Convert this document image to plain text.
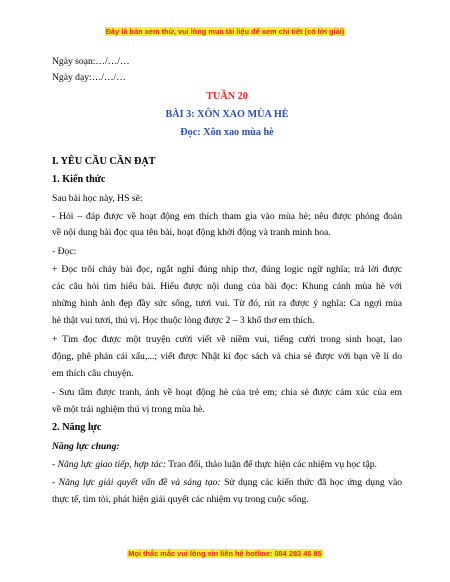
Đây là bản xem thử, vui lòng mua tài liệu để xem chi tiết (có lời giải)
Ngày soạn:…/…/…
Ngày dạy:…/…/…
TUẦN 20
BÀI 3: XÔN XAO MÙA HÈ
Đọc: Xôn xao mùa hè
I. YÊU CẦU CẦN ĐẠT
1. Kiến thức
Sau bài học này, HS sẽ:
- Hỏi – đáp được về hoạt động em thích tham gia vào mùa hè; nêu được phỏng đoán
về nội dung bài đọc qua tên bài, hoạt động khởi động và tranh minh hoa.
- Đọc:
+ Đọc trôi chảy bài đọc, ngắt nghỉ đúng nhịp thơ, đúng logic ngữ nghĩa; trả lời được
các câu hỏi tìm hiểu bài. Hiểu được nội dung của bài đọc: Khung cảnh mùa hè với
những hình ảnh đẹp đầy sức sống, tươi vui. Từ đó, rút ra được ý nghĩa: Ca ngợi mùa
hè thật vui tươi, thú vị. Học thuộc lòng được 2 – 3 khổ thơ em thích.
+ Tìm đọc được một truyện cười viết về niềm vui, tiếng cười trong sinh hoạt, lao
động, phê phán cái xấu,...; viết được Nhật kí đọc sách và chia sẻ được với bạn về lí do
em thích câu chuyện.
- Sưu tầm được tranh, ảnh về hoạt động hè của trẻ em; chia sẻ được cảm xúc của em
về một trải nghiệm thú vị trong mùa hè.
2. Năng lực
Năng lực chung:
- Năng lực giao tiếp, hợp tác: Trao đổi, thảo luận để thực hiện các nhiệm vụ học tập.
- Năng lực giải quyết vấn đề và sáng tạo: Sử dụng các kiến thức đã học ứng dụng vào
thực tế, tìm tòi, phát hiện giải quyết các nhiệm vụ trong cuộc sống.
Mọi thắc mắc vui lòng xin liên hệ hotline: 084 283 45 85
